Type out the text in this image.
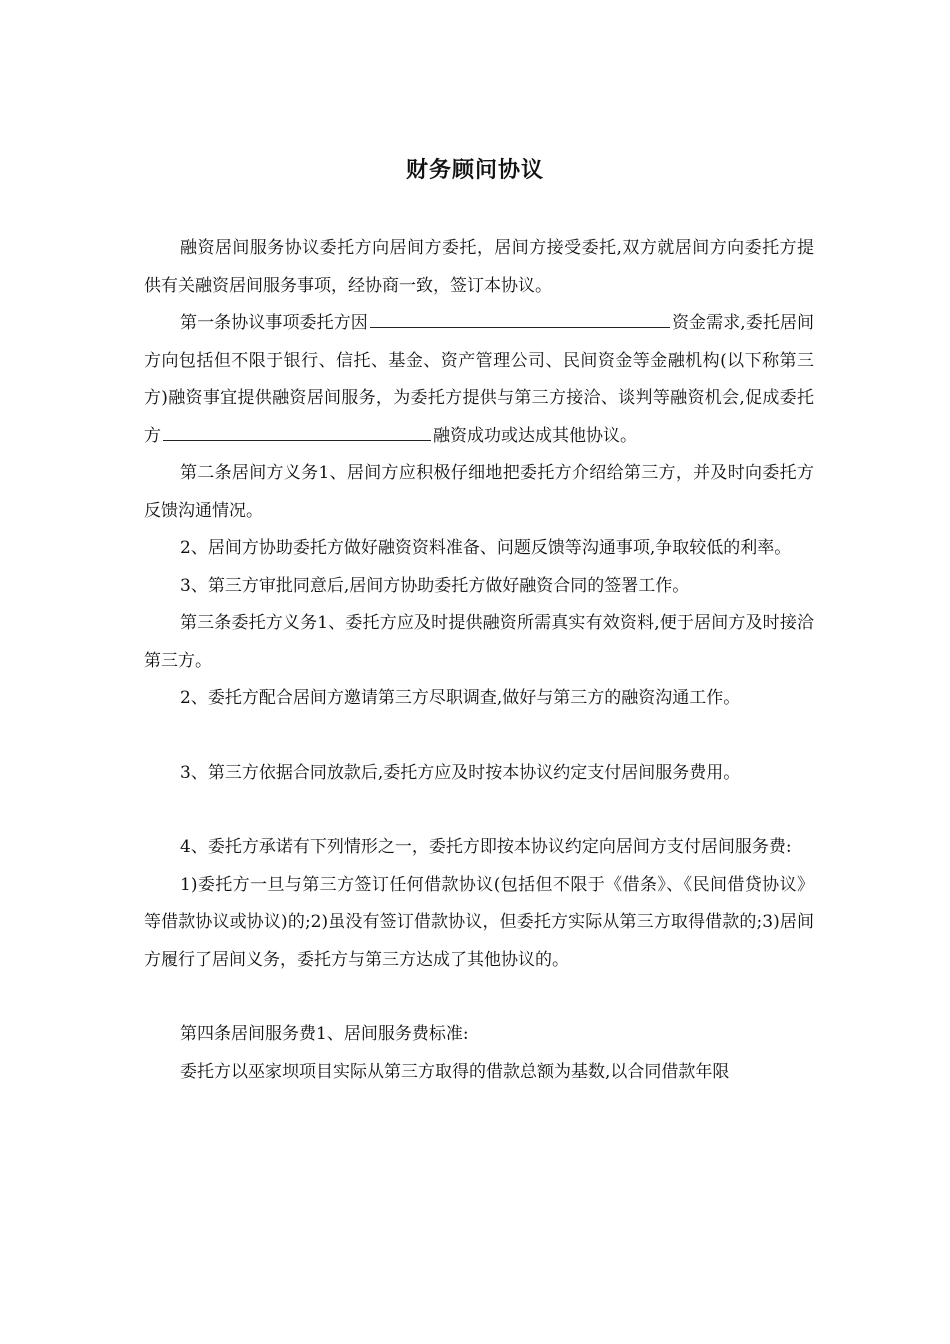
财务顾问协议

融资居间服务协议委托方向居间方委托，居间方接受委托,双方就居间方向委托方提供有关融资居间服务事项，经协商一致，签订本协议。

第一条协议事项委托方因	资金需求,委托居间方向包括但不限于银行、信托、基金、资产管理公司、民间资金等金融机构(以下称第三方)融资事宜提供融资居间服务，为委托方提供与第三方接洽、谈判等融资机会,促成委托方	融资成功或达成其他协议。

第二条居间方义务1、居间方应积极仔细地把委托方介绍给第三方，并及时向委托方反馈沟通情况。

2、居间方协助委托方做好融资资料准备、问题反馈等沟通事项,争取较低的利率。

3、第三方审批同意后,居间方协助委托方做好融资合同的签署工作。

第三条委托方义务1、委托方应及时提供融资所需真实有效资料,便于居间方及时接洽第三方。

2、委托方配合居间方邀请第三方尽职调查,做好与第三方的融资沟通工作。

3、第三方依据合同放款后,委托方应及时按本协议约定支付居间服务费用。

4、委托方承诺有下列情形之一，委托方即按本协议约定向居间方支付居间服务费:

1)委托方一旦与第三方签订任何借款协议(包括但不限于《借条》、《民间借贷协议》等借款协议或协议)的;2)虽没有签订借款协议，但委托方实际从第三方取得借款的;3)居间方履行了居间义务，委托方与第三方达成了其他协议的。

第四条居间服务费1、居间服务费标准:

委托方以巫家坝项目实际从第三方取得的借款总额为基数,以合同借款年限
